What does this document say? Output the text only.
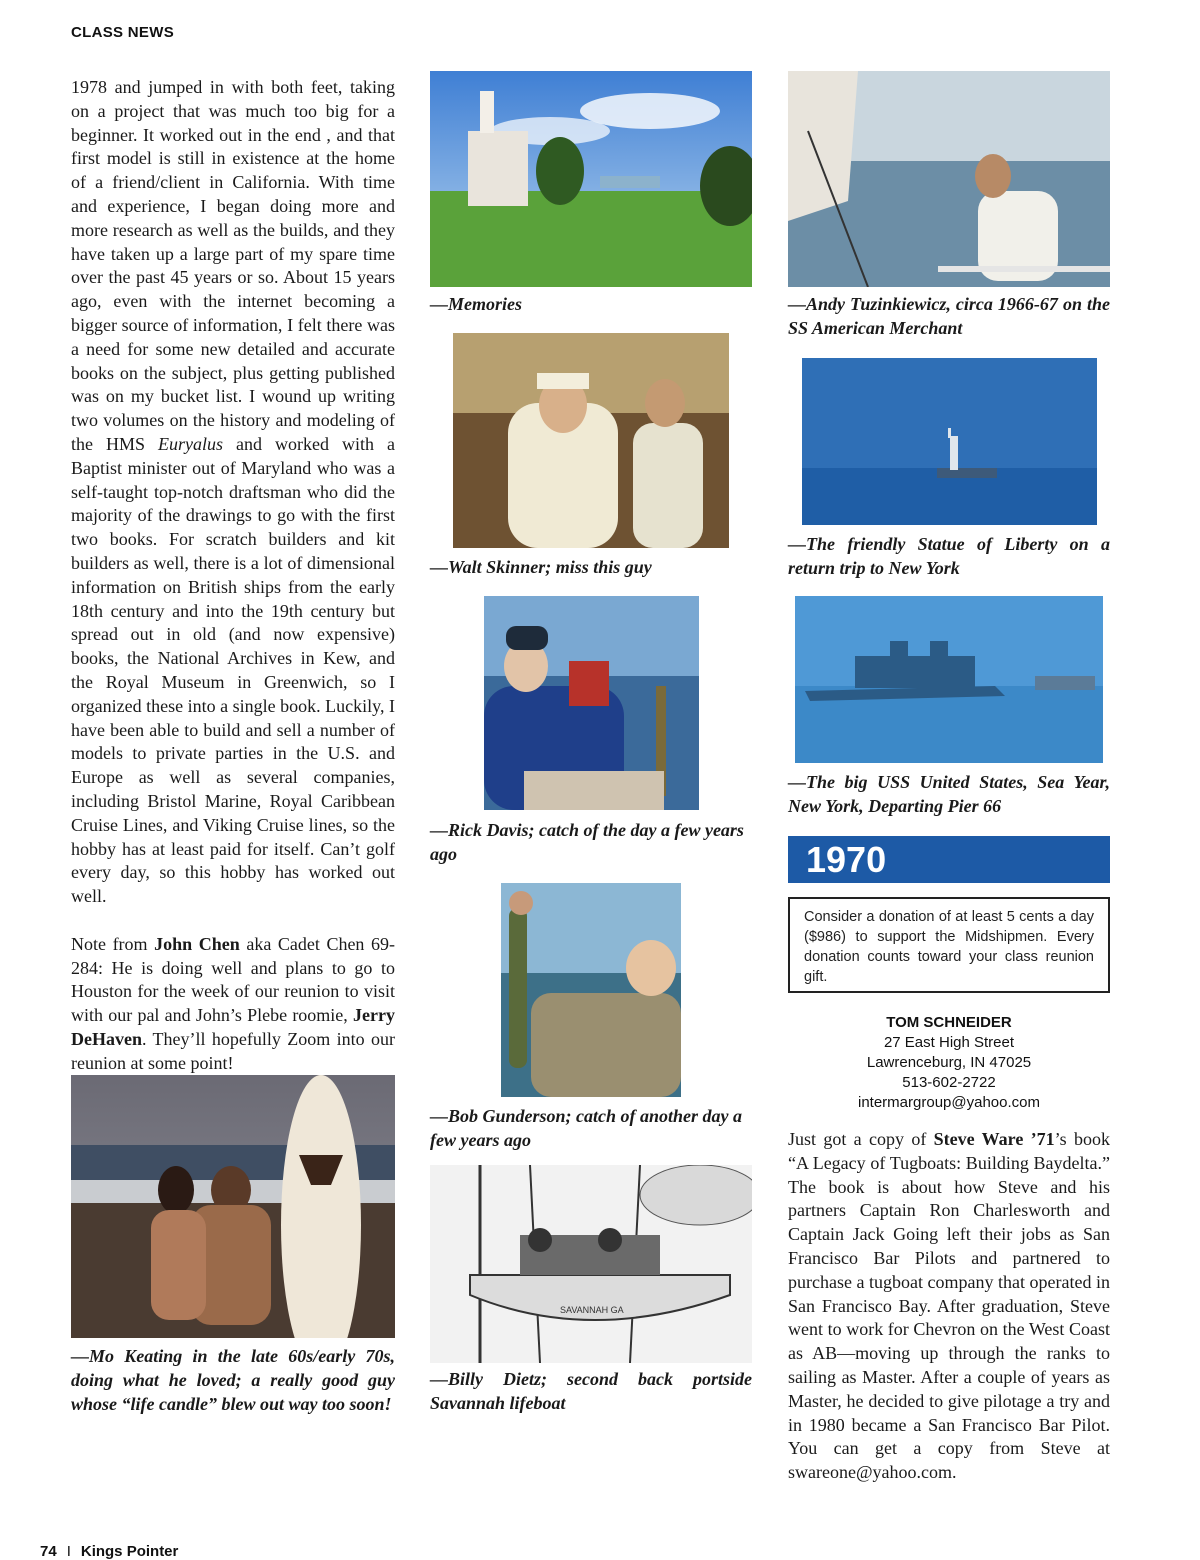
CLASS NEWS

1978 and jumped in with both feet, taking on a project that was much too big for a beginner. It worked out in the end , and that first model is still in existence at the home of a friend/client in California. With time and experience, I began doing more and more research as well as the builds, and they have taken up a large part of my spare time over the past 45 years or so. About 15 years ago, even with the internet becoming a bigger source of information, I felt there was a need for some new detailed and accurate books on the subject, plus getting published was on my bucket list. I wound up writing two volumes on the history and modeling of the HMS Euryalus and worked with a Baptist minister out of Maryland who was a self-taught top-notch draftsman who did the majority of the drawings to go with the first two books. For scratch builders and kit builders as well, there is a lot of dimensional information on British ships from the early 18th century and into the 19th century but spread out in old (and now expensive) books, the National Archives in Kew, and the Royal Museum in Greenwich, so I organized these into a single book. Luckily, I have been able to build and sell a number of models to private parties in the U.S. and Europe as well as several companies, including Bristol Marine, Royal Caribbean Cruise Lines, and Viking Cruise lines, so the hobby has at least paid for itself. Can’t golf every day, so this hobby has worked out well.

Note from John Chen aka Cadet Chen 69-284: He is doing well and plans to go to Houston for the week of our reunion to visit with our pal and John’s Plebe roomie, Jerry DeHaven. They’ll hopefully Zoom into our reunion at some point!

—Mo Keating in the late 60s/early 70s, doing what he loved; a really good guy whose “life candle” blew out way too soon!
—Memories
—Walt Skinner; miss this guy
—Rick Davis; catch of the day a few years ago
—Bob Gunderson; catch of another day a few years ago
SAVANNAH GA
—Billy Dietz; second back portside Savannah lifeboat
—Andy Tuzinkiewicz, circa 1966-67 on the SS American Merchant
—The friendly Statue of Liberty on a return trip to New York
—The big USS United States, Sea Year, New York, Departing Pier 66
1970
Consider a donation of at least 5 cents a day ($986) to support the Midshipmen. Every donation counts toward your class reunion gift.
TOM SCHNEIDER
27 East High Street
Lawrenceburg, IN 47025
513-602-2722
intermargroup@yahoo.com

Just got a copy of Steve Ware ’71’s book “A Legacy of Tugboats: Building Baydelta.” The book is about how Steve and his partners Captain Ron Charlesworth and Captain Jack Going left their jobs as San Francisco Bar Pilots and partnered to purchase a tugboat company that operated in San Francisco Bay. After graduation, Steve went to work for Chevron on the West Coast as AB—moving up through the ranks to sailing as Master. After a couple of years as Master, he decided to give pilotage a try and in 1980 became a San Francisco Bar Pilot. You can get a copy from Steve at swareone@yahoo.com.

74 I Kings Pointer
